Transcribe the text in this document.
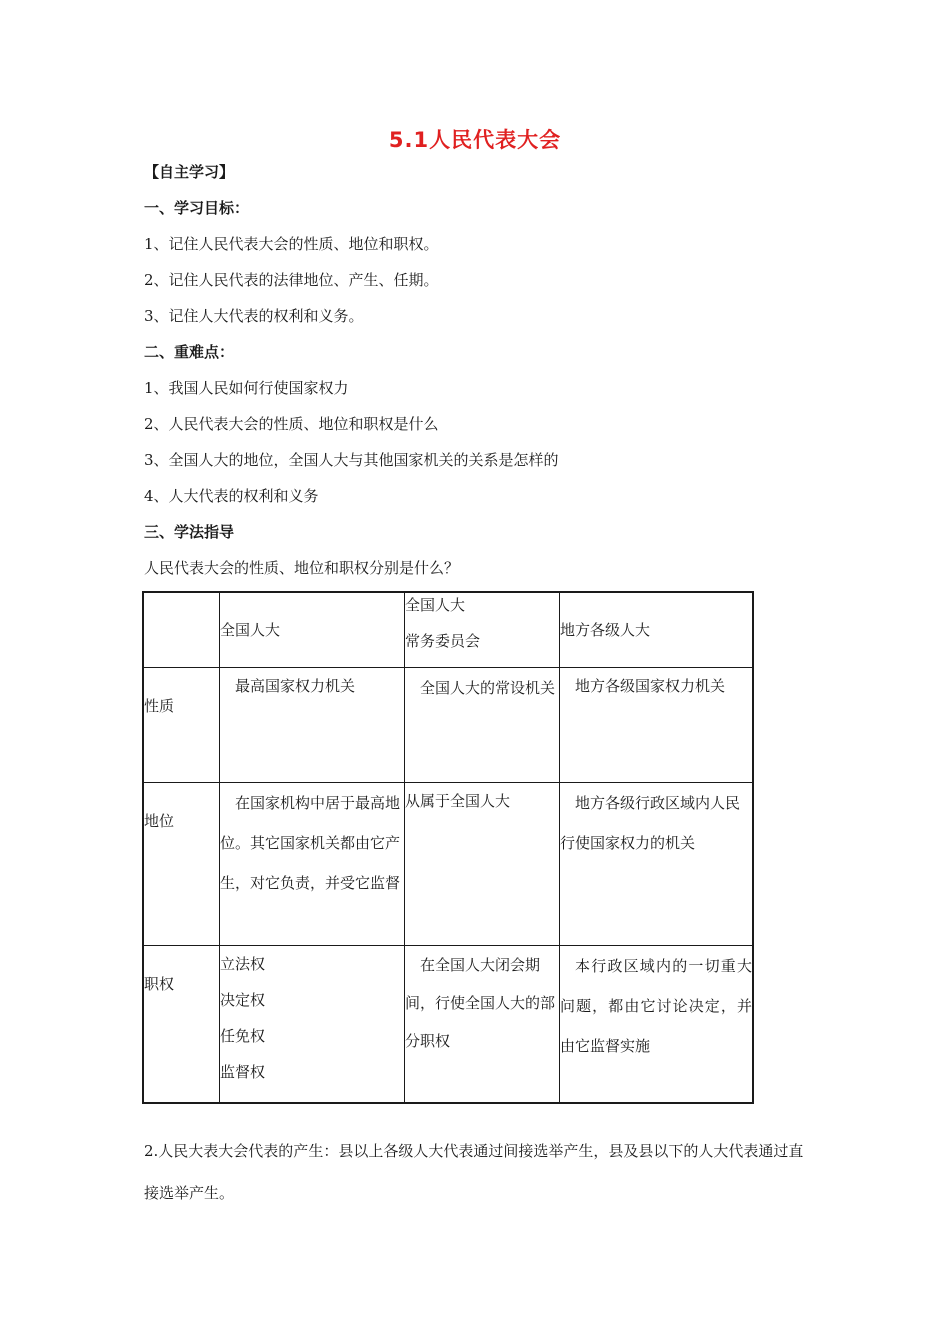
5.1人民代表大会
【自主学习】
一、学习目标：
1、记住人民代表大会的性质、地位和职权。
2、记住人民代表的法律地位、产生、任期。
3、记住人大代表的权利和义务。
二、重难点：
1、我国人民如何行使国家权力
2、人民代表大会的性质、地位和职权是什么
3、全国人大的地位，全国人大与其他国家机关的关系是怎样的
4、人大代表的权利和义务
三、学法指导
人民代表大会的性质、地位和职权分别是什么？

	全国人大	全国人大
常务委员会	地方各级人大

性质	最高国家权力机关	全国人大的常设机关	地方各级国家权力机关

地位	在国家机构中居于最高地位。其它国家机关都由它产生，对它负责，并受它监督	从属于全国人大	地方各级行政区域内人民行使国家权力的机关

职权	立法权
决定权
任免权
监督权	在全国人大闭会期间，行使全国人大的部分职权	本行政区域内的一切重大问题，都由它讨论决定，并由它监督实施
2.人民大表大会代表的产生：县以上各级人大代表通过间接选举产生，县及县以下的人大代表通过直接选举产生。
